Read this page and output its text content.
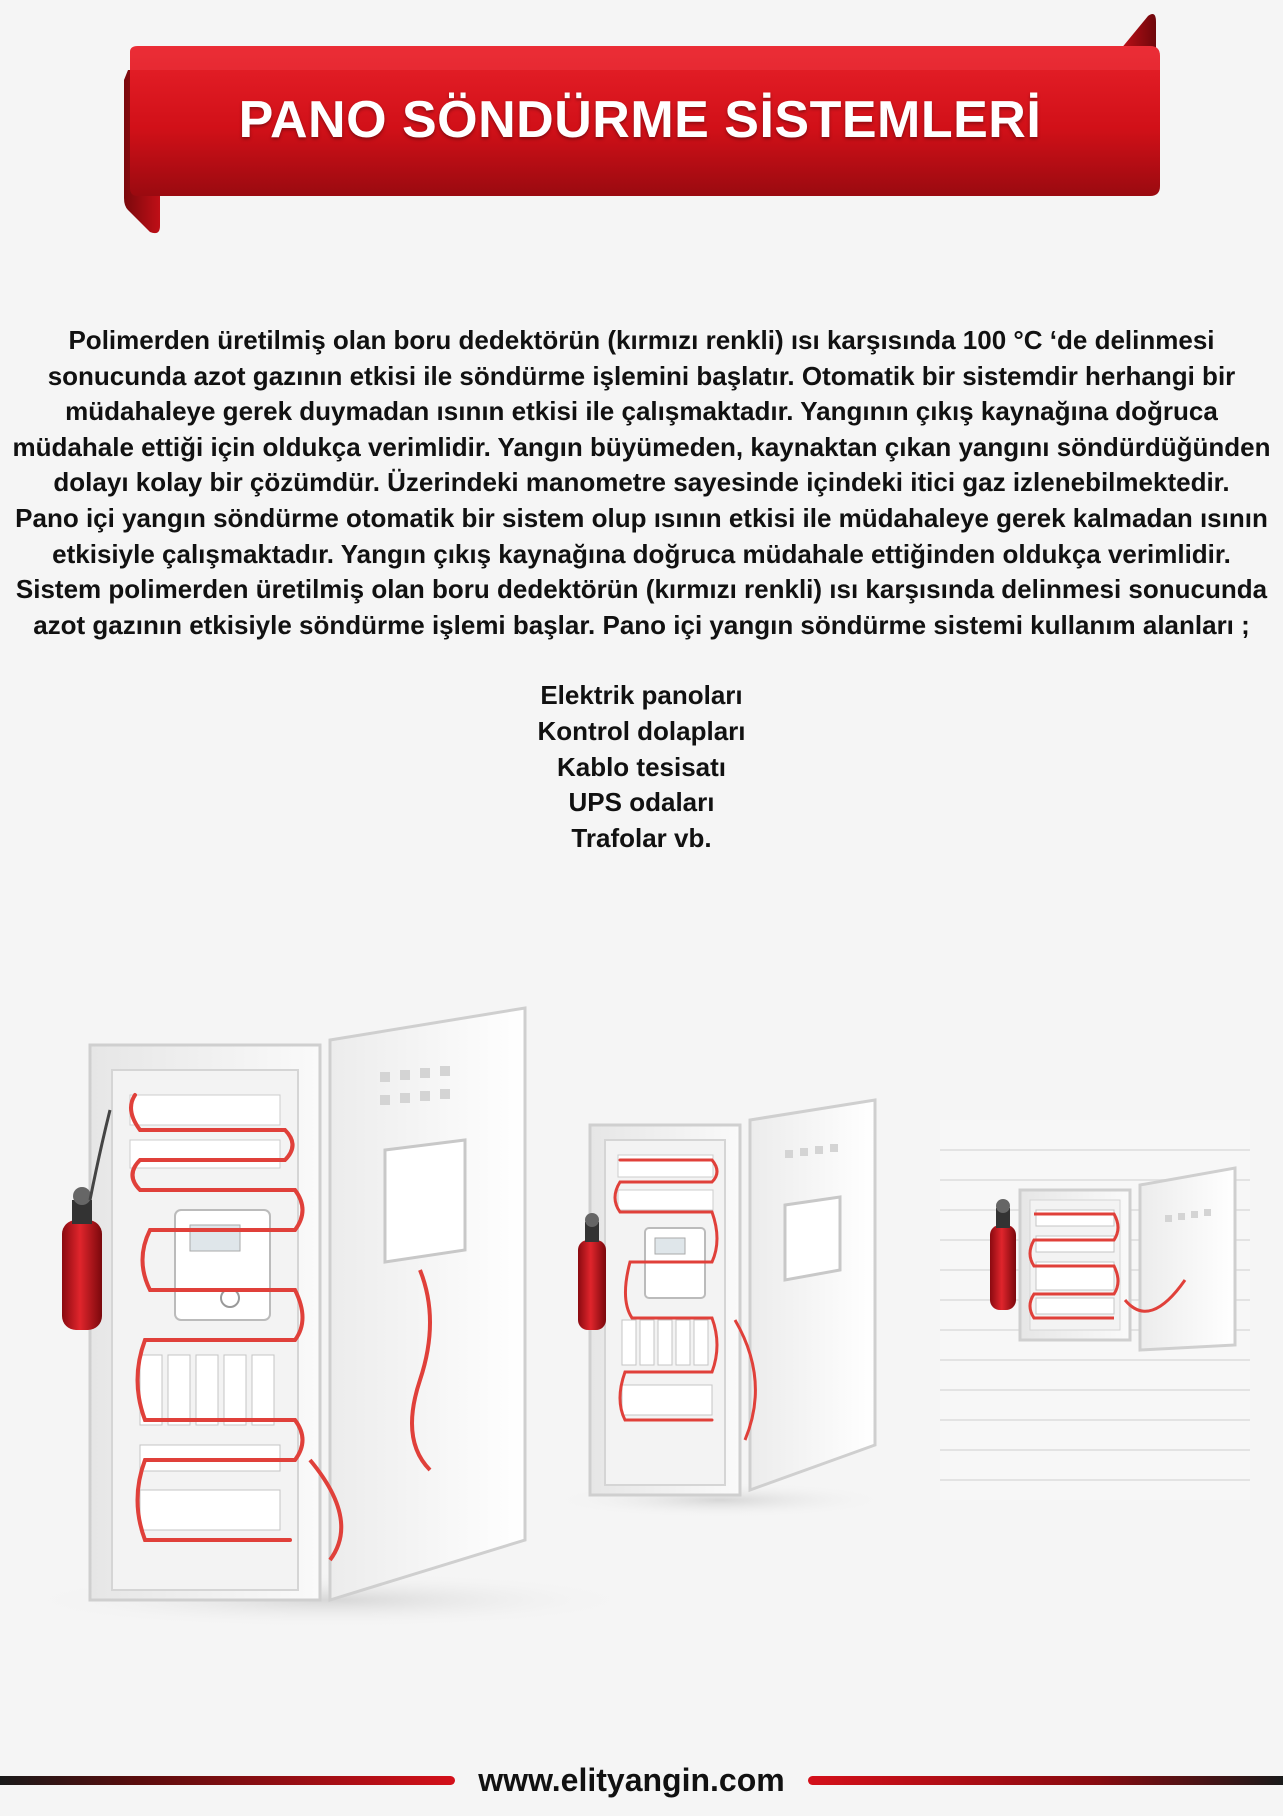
PANO SÖNDÜRME SİSTEMLERİ

Polimerden üretilmiş olan boru dedektörün (kırmızı renkli) ısı karşısında 100 °C ‘de delinmesi sonucunda azot gazının etkisi ile söndürme işlemini başlatır. Otomatik bir sistemdir herhangi bir müdahaleye gerek duymadan ısının etkisi ile çalışmaktadır. Yangının çıkış kaynağına doğruca müdahale ettiği için oldukça verimlidir. Yangın büyümeden, kaynaktan çıkan yangını söndürdüğünden dolayı kolay bir çözümdür. Üzerindeki manometre sayesinde içindeki itici gaz izlenebilmektedir.

Pano içi yangın söndürme otomatik bir sistem olup ısının etkisi ile müdahaleye gerek kalmadan ısının etkisiyle çalışmaktadır. Yangın çıkış kaynağına doğruca müdahale ettiğinden oldukça verimlidir. Sistem polimerden üretilmiş olan boru dedektörün (kırmızı renkli) ısı karşısında delinmesi sonucunda azot gazının etkisiyle söndürme işlemi başlar. Pano içi yangın söndürme sistemi kullanım alanları ;

Elektrik panoları
Kontrol dolapları
Kablo tesisatı
UPS odaları
Trafolar vb.
www.elityangin.com
